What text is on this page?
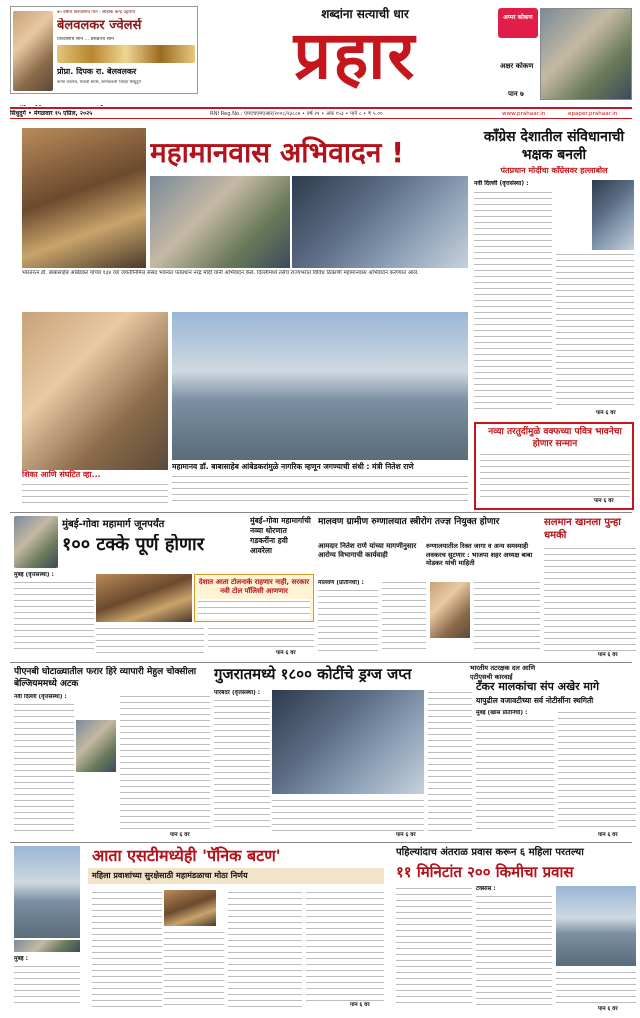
७५ वर्षांचे विश्वासाचे नाते - सीडीके केन्द्र उद्गारीय
बेलवलकर ज्वेलर्स
विश्वासाचे सोनं ... प्रसन्नतेचे सोनं
प्रोप्रा. दिपक रा. बेलवलकर
कन्या कॉलेज, मांडवी स्टार्स, कणकवली जिल्हा सिंधुदुर्ग
शब्दांना सत्याची धार
प्रहार	अप्पर कोकण
अक्षर कोकण
पान ७
सिंधुदुर्ग • मंगळवार १५ एप्रिल, २०२५	RNI Reg.No.: एमएचएमएआर/२००८/२३८८७ • वर्ष २१ • अंक १५३ • पाने ८ • ₹ ५.००	www.prahaar.in	epaper.prahaar.in
महामानवास अभिवादन !
भारतरत्न डॉ. बाबासाहेब आंबेडकर यांच्या १३४ व्या जयंतीनिमित्त संसद भवनात पंतप्रधान नरेंद्र मोदी यांनी अभिवादन केले. दिल्लीमध्ये तसेच राज्यभरात विविध ठिकाणी महामानवास अभिवादन करण्यात आले.
शिका आणि संघटित व्हा...
महामानव डॉ. बाबासाहेब आंबेडकरांमुळे नागरिक म्हणून जगण्याची संधी : मंत्री नितेश राणे
काँग्रेस देशातील संविधानाची भक्षक बनली
पंतप्रधान मोदींचा काँग्रेसवर हल्लाबोल
नवी दिल्ली (वृत्तसंस्था) :
पान ६ वर
नव्या तरतुदींमुळे वक्फच्या पवित्र भावनेचा होणार सन्मान
पान ६ वर
मुंबई-गोवा महामार्ग जूनपर्यंत
१०० टक्के पूर्ण होणार
मुंबई–गोवा महामार्गाची नव्या धोरणात गडकरींना हवी आवरेला
मुंबई (वृत्तसंस्था) :
देशात आता टोलनाके राहणार नाही, सरकार नवी टोल पॉलिसी आणणार
पान ६ वर
मालवण ग्रामीण रुग्णालयात स्त्रीरोग तज्ज्ञ नियुक्त होणार
आमदार नितेश राणे यांच्या मागणीनुसार आरोग्य विभागाची कार्यवाही
रुग्णालयातील रिक्त जागा व अन्य समस्याही लवकरच सुटणार : भाजपा शहर अध्यक्ष बाबा मोडकर यांची माहिती
मालवण (प्रतिनिधी) :
सलमान खानला पुन्हा धमकी
पान ६ वर
पीएनबी घोटाळ्यातील फरार हिरे व्यापारी मेहुल चोक्सीला बेल्जियममध्ये अटक
नवी दिल्ली (वृत्तसंस्था) :
पान ६ वर
गुजरातमध्ये १८०० कोटींचे ड्रग्ज जप्त	भारतीय तटरक्षक दल आणि एटीएसची कारवाई
पोरबंदर (वृत्तसंस्था) :
पान ६ वर
टँकर मालकांचा संप अखेर मागे
यापुढील वजावटीच्या सर्व नोटीसींना स्थगिती
मुंबई (खास प्रतिनिधी) :
पान ६ वर
आता एसटीमध्येही 'पॅनिक बटण'
महिला प्रवाशांच्या सुरक्षेसाठी महामंडळाचा मोठा निर्णय
मुंबई :
पान ६ वर
पहिल्यांदाच अंतराळ प्रवास करून ६ महिला परतल्या
११ मिनिटांत २०० किमीचा प्रवास
टेक्सास :
पान ६ वर
